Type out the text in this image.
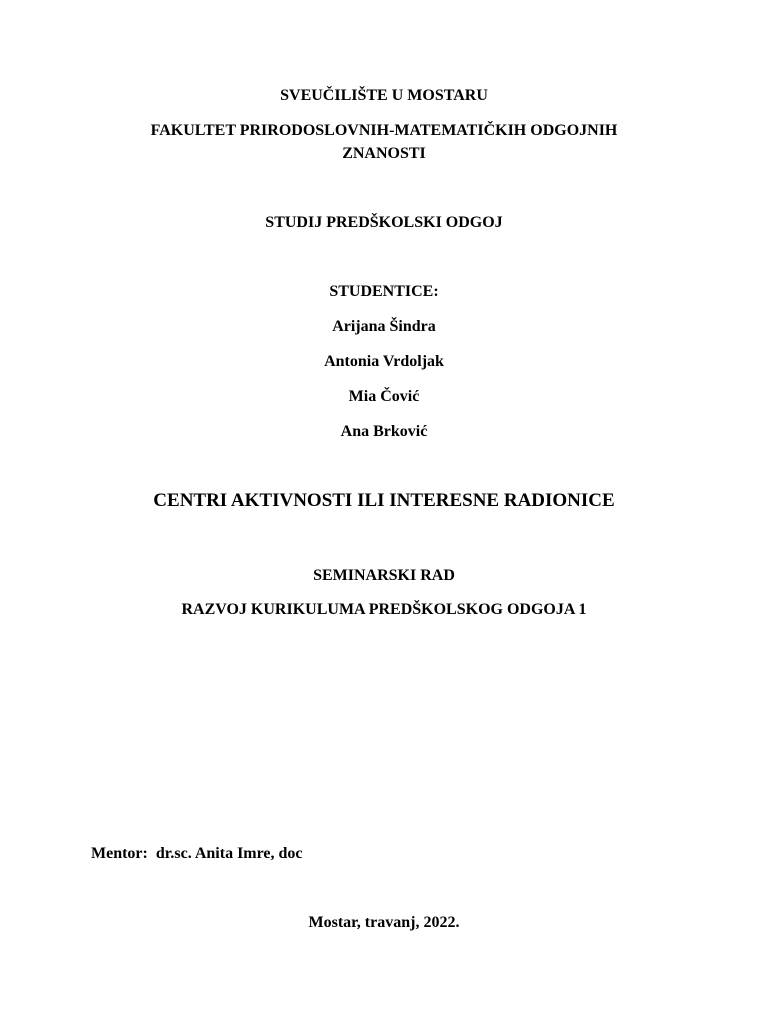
SVEUČILIŠTE U MOSTARU
FAKULTET PRIRODOSLOVNIH-MATEMATIČKIH ODGOJNIH
ZNANOSTI
STUDIJ PREDŠKOLSKI ODGOJ
STUDENTICE:
Arijana Šindra
Antonia Vrdoljak
Mia Čović
Ana Brković
CENTRI AKTIVNOSTI ILI INTERESNE RADIONICE
SEMINARSKI RAD
RAZVOJ KURIKULUMA PREDŠKOLSKOG ODGOJA 1
Mentor:  dr.sc. Anita Imre, doc
Mostar, travanj, 2022.
